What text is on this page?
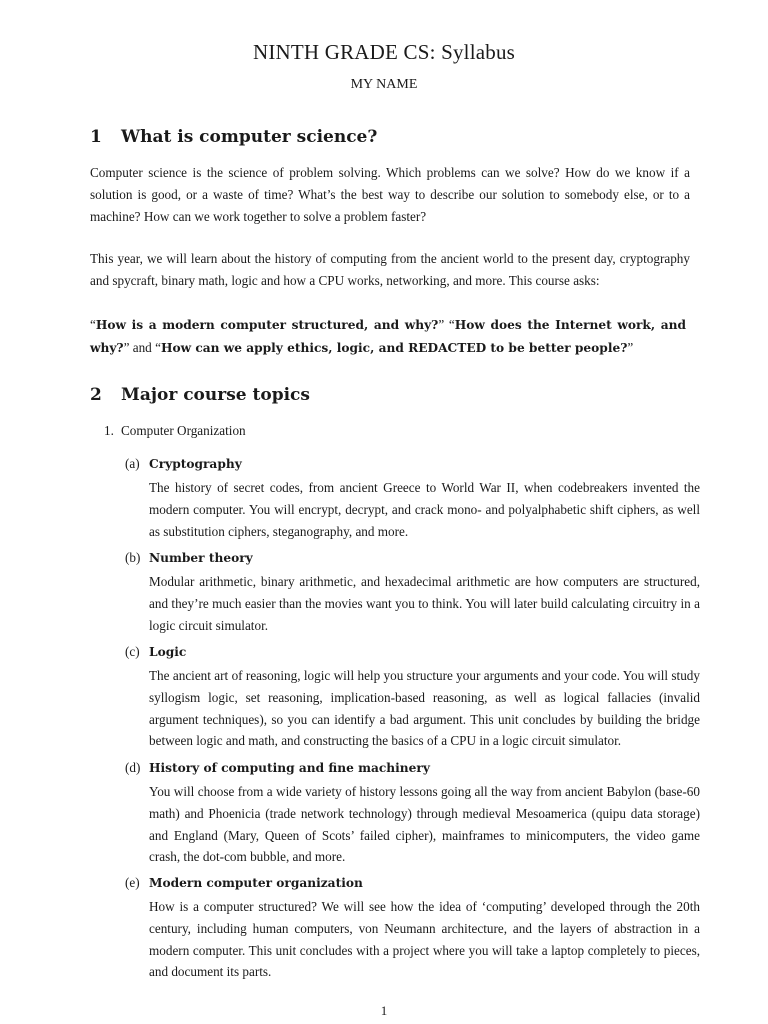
NINTH GRADE CS: Syllabus
MY NAME
1 What is computer science?
Computer science is the science of problem solving. Which problems can we solve? How do we know if a solution is good, or a waste of time? What’s the best way to describe our solution to somebody else, or to a machine? How can we work together to solve a problem faster?
This year, we will learn about the history of computing from the ancient world to the present day, cryptography and spycraft, binary math, logic and how a CPU works, networking, and more. This course asks:
“How is a modern computer structured, and why?” “How does the Internet work, and why?” and “How can we apply ethics, logic, and REDACTED to be better people?”
2 Major course topics
1. Computer Organization
(a) Cryptography
The history of secret codes, from ancient Greece to World War II, when codebreakers invented the modern computer. You will encrypt, decrypt, and crack mono- and polyalphabetic shift ciphers, as well as substitution ciphers, steganography, and more.
(b) Number theory
Modular arithmetic, binary arithmetic, and hexadecimal arithmetic are how computers are structured, and they’re much easier than the movies want you to think. You will later build calculating circuitry in a logic circuit simulator.
(c) Logic
The ancient art of reasoning, logic will help you structure your arguments and your code. You will study syllogism logic, set reasoning, implication-based reasoning, as well as logical fallacies (invalid argument techniques), so you can identify a bad argument. This unit concludes by building the bridge between logic and math, and constructing the basics of a CPU in a logic circuit simulator.
(d) History of computing and fine machinery
You will choose from a wide variety of history lessons going all the way from ancient Babylon (base-60 math) and Phoenicia (trade network technology) through medieval Mesoamerica (quipu data storage) and England (Mary, Queen of Scots’ failed cipher), mainframes to minicomputers, the video game crash, the dot-com bubble, and more.
(e) Modern computer organization
How is a computer structured? We will see how the idea of ‘computing’ developed through the 20th century, including human computers, von Neumann architecture, and the layers of abstraction in a modern computer. This unit concludes with a project where you will take a laptop completely to pieces, and document its parts.
1
